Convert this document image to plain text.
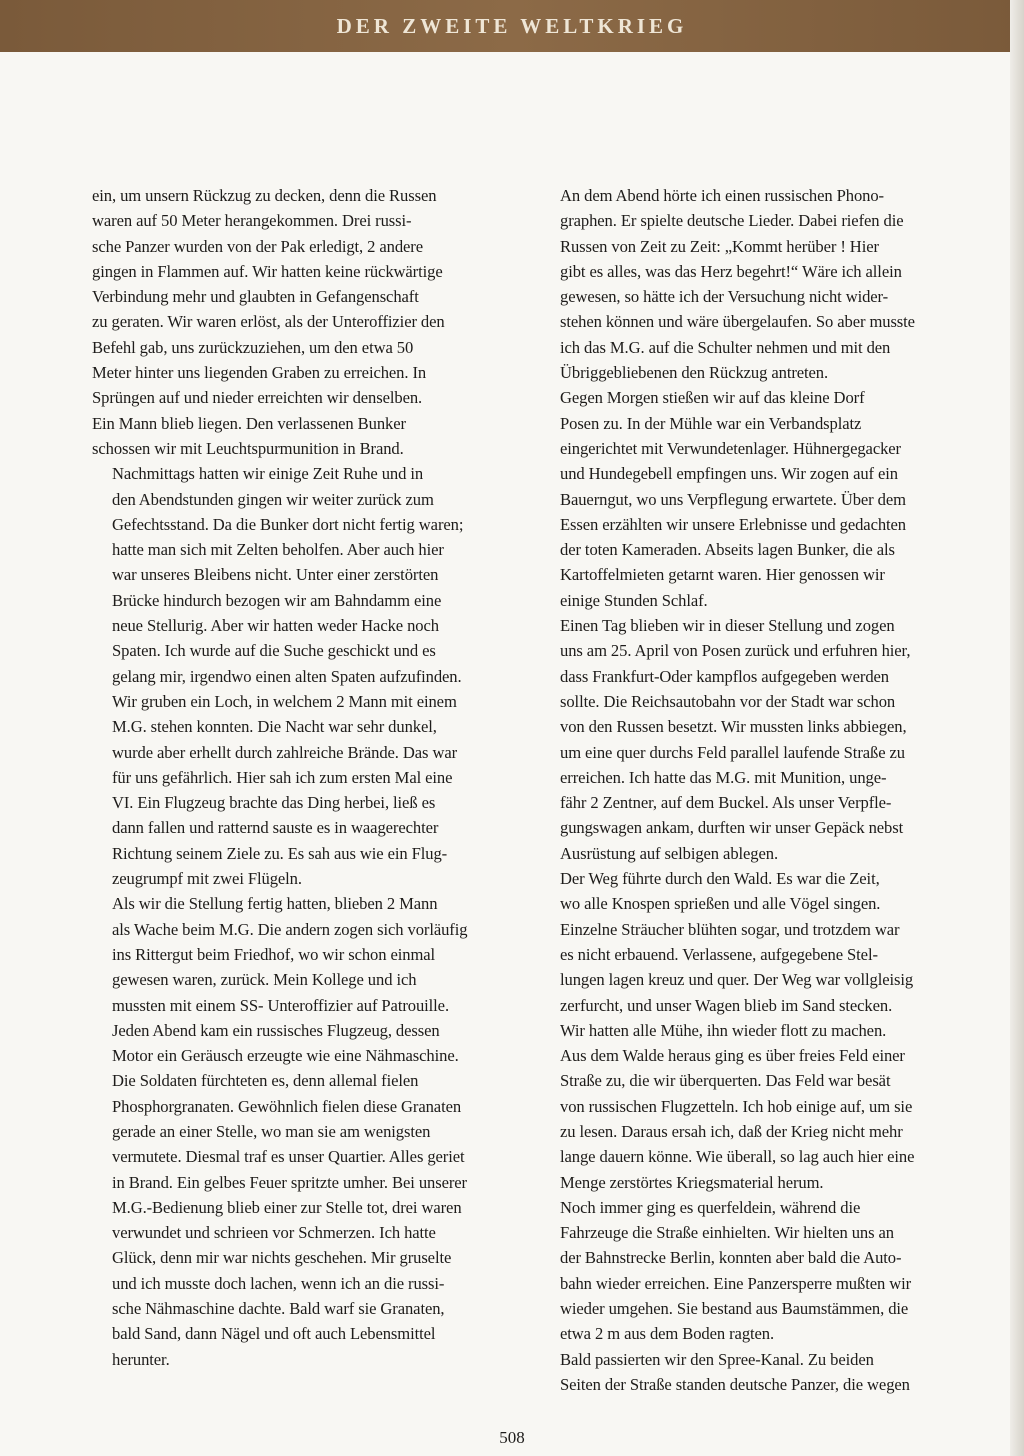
DER ZWEITE WELTKRIEG

ein, um unsern Rückzug zu decken, denn die Russen
waren auf 50 Meter herangekommen. Drei russi-
sche Panzer wurden von der Pak erledigt, 2 andere
gingen in Flammen auf. Wir hatten keine rückwärtige
Verbindung mehr und glaubten in Gefangenschaft
zu geraten. Wir waren erlöst, als der Unteroffizier den
Befehl gab, uns zurückzuziehen, um den etwa 50
Meter hinter uns liegenden Graben zu erreichen. In
Sprüngen auf und nieder erreichten wir denselben.
Ein Mann blieb liegen. Den verlassenen Bunker
schossen wir mit Leuchtspurmunition in Brand.

Nachmittags hatten wir einige Zeit Ruhe und in
den Abendstunden gingen wir weiter zurück zum
Gefechtsstand. Da die Bunker dort nicht fertig waren;
hatte man sich mit Zelten beholfen. Aber auch hier
war unseres Bleibens nicht. Unter einer zerstörten
Brücke hindurch bezogen wir am Bahndamm eine
neue Stellurig. Aber wir hatten weder Hacke noch
Spaten. Ich wurde auf die Suche geschickt und es
gelang mir, irgendwo einen alten Spaten aufzufinden.
Wir gruben ein Loch, in welchem 2 Mann mit einem
M.G. stehen konnten. Die Nacht war sehr dunkel,
wurde aber erhellt durch zahlreiche Brände. Das war
für uns gefährlich. Hier sah ich zum ersten Mal eine
VI. Ein Flugzeug brachte das Ding herbei, ließ es
dann fallen und ratternd sauste es in waagerechter
Richtung seinem Ziele zu. Es sah aus wie ein Flug-
zeugrumpf mit zwei Flügeln.

Als wir die Stellung fertig hatten, blieben 2 Mann
als Wache beim M.G. Die andern zogen sich vorläufig
ins Rittergut beim Friedhof, wo wir schon einmal
gewesen waren, zurück. Mein Kollege und ich
mussten mit einem SS- Unteroffizier auf Patrouille.

Jeden Abend kam ein russisches Flugzeug, dessen
Motor ein Geräusch erzeugte wie eine Nähmaschine.
Die Soldaten fürchteten es, denn allemal fielen
Phosphorgranaten. Gewöhnlich fielen diese Granaten
gerade an einer Stelle, wo man sie am wenigsten
vermutete. Diesmal traf es unser Quartier. Alles geriet
in Brand. Ein gelbes Feuer spritzte umher. Bei unserer
M.G.-Bedienung blieb einer zur Stelle tot, drei waren
verwundet und schrieen vor Schmerzen. Ich hatte
Glück, denn mir war nichts geschehen. Mir gruselte
und ich musste doch lachen, wenn ich an die russi-
sche Nähmaschine dachte. Bald warf sie Granaten,
bald Sand, dann Nägel und oft auch Lebensmittel
herunter.

An dem Abend hörte ich einen russischen Phono-
graphen. Er spielte deutsche Lieder. Dabei riefen die
Russen von Zeit zu Zeit: „Kommt herüber ! Hier
gibt es alles, was das Herz begehrt!“ Wäre ich allein
gewesen, so hätte ich der Versuchung nicht wider-
stehen können und wäre übergelaufen. So aber musste
ich das M.G. auf die Schulter nehmen und mit den
Übriggebliebenen den Rückzug antreten.

Gegen Morgen stießen wir auf das kleine Dorf
Posen zu. In der Mühle war ein Verbandsplatz
eingerichtet mit Verwundetenlager. Hühnergegacker
und Hundegebell empfingen uns. Wir zogen auf ein
Bauerngut, wo uns Verpflegung erwartete. Über dem
Essen erzählten wir unsere Erlebnisse und gedachten
der toten Kameraden. Abseits lagen Bunker, die als
Kartoffelmieten getarnt waren. Hier genossen wir
einige Stunden Schlaf.

Einen Tag blieben wir in dieser Stellung und zogen
uns am 25. April von Posen zurück und erfuhren hier,
dass Frankfurt-Oder kampflos aufgegeben werden
sollte. Die Reichsautobahn vor der Stadt war schon
von den Russen besetzt. Wir mussten links abbiegen,
um eine quer durchs Feld parallel laufende Straße zu
erreichen. Ich hatte das M.G. mit Munition, unge-
fähr 2 Zentner, auf dem Buckel. Als unser Verpfle-
gungswagen ankam, durften wir unser Gepäck nebst
Ausrüstung auf selbigen ablegen.

Der Weg führte durch den Wald. Es war die Zeit,
wo alle Knospen sprießen und alle Vögel singen.
Einzelne Sträucher blühten sogar, und trotzdem war
es nicht erbauend. Verlassene, aufgegebene Stel-
lungen lagen kreuz und quer. Der Weg war vollgleisig
zerfurcht, und unser Wagen blieb im Sand stecken.
Wir hatten alle Mühe, ihn wieder flott zu machen.

Aus dem Walde heraus ging es über freies Feld einer
Straße zu, die wir überquerten. Das Feld war besät
von russischen Flugzetteln. Ich hob einige auf, um sie
zu lesen. Daraus ersah ich, daß der Krieg nicht mehr
lange dauern könne. Wie überall, so lag auch hier eine
Menge zerstörtes Kriegsmaterial herum.

Noch immer ging es querfeldein, während die
Fahrzeuge die Straße einhielten. Wir hielten uns an
der Bahnstrecke Berlin, konnten aber bald die Auto-
bahn wieder erreichen. Eine Panzersperre mußten wir
wieder umgehen. Sie bestand aus Baumstämmen, die
etwa 2 m aus dem Boden ragten.

Bald passierten wir den Spree-Kanal. Zu beiden
Seiten der Straße standen deutsche Panzer, die wegen

508
